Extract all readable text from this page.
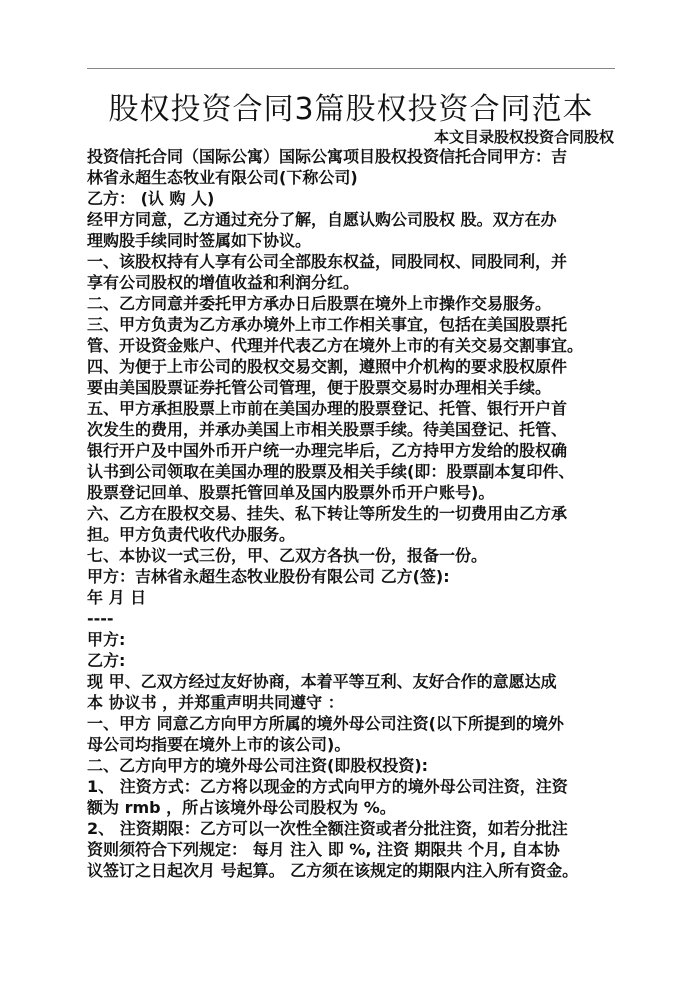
股权投资合同3篇股权投资合同范本
本文目录股权投资合同股权
投资信托合同（国际公寓）国际公寓项目股权投资信托合同甲方：吉
林省永超生态牧业有限公司(下称公司)
乙方： (认 购 人)
经甲方同意，乙方通过充分了解，自愿认购公司股权 股。双方在办
理购股手续同时签属如下协议。
一、该股权持有人享有公司全部股东权益，同股同权、同股同利，并
享有公司股权的增值收益和利润分红。
二、乙方同意并委托甲方承办日后股票在境外上市操作交易服务。
三、甲方负责为乙方承办境外上市工作相关事宜，包括在美国股票托
管、开设资金账户、代理并代表乙方在境外上市的有关交易交割事宜。
四、为便于上市公司的股权交易交割，遵照中介机构的要求股权原件
要由美国股票证券托管公司管理，便于股票交易时办理相关手续。
五、甲方承担股票上市前在美国办理的股票登记、托管、银行开户首
次发生的费用，并承办美国上市相关股票手续。待美国登记、托管、
银行开户及中国外币开户统一办理完毕后，乙方持甲方发给的股权确
认书到公司领取在美国办理的股票及相关手续(即：股票副本复印件、
股票登记回单、股票托管回单及国内股票外币开户账号)。
六、乙方在股权交易、挂失、私下转让等所发生的一切费用由乙方承
担。甲方负责代收代办服务。
七、本协议一式三份，甲、乙双方各执一份，报备一份。
甲方：吉林省永超生态牧业股份有限公司 乙方(签):
年 月 日
----
甲方:
乙方:
现 甲、乙双方经过友好协商，本着平等互利、友好合作的意愿达成
本 协议书 ，并郑重声明共同遵守 ：
一、甲方 同意乙方向甲方所属的境外母公司注资(以下所提到的境外
母公司均指要在境外上市的该公司)。
二、乙方向甲方的境外母公司注资(即股权投资):
1、 注资方式：乙方将以现金的方式向甲方的境外母公司注资，注资
额为 rmb ，所占该境外母公司股权为 %。
2、 注资期限：乙方可以一次性全额注资或者分批注资，如若分批注
资则须符合下列规定： 每月 注入 即 %, 注资 期限共 个月, 自本协
议签订之日起次月 号起算。 乙方须在该规定的期限内注入所有资金。
